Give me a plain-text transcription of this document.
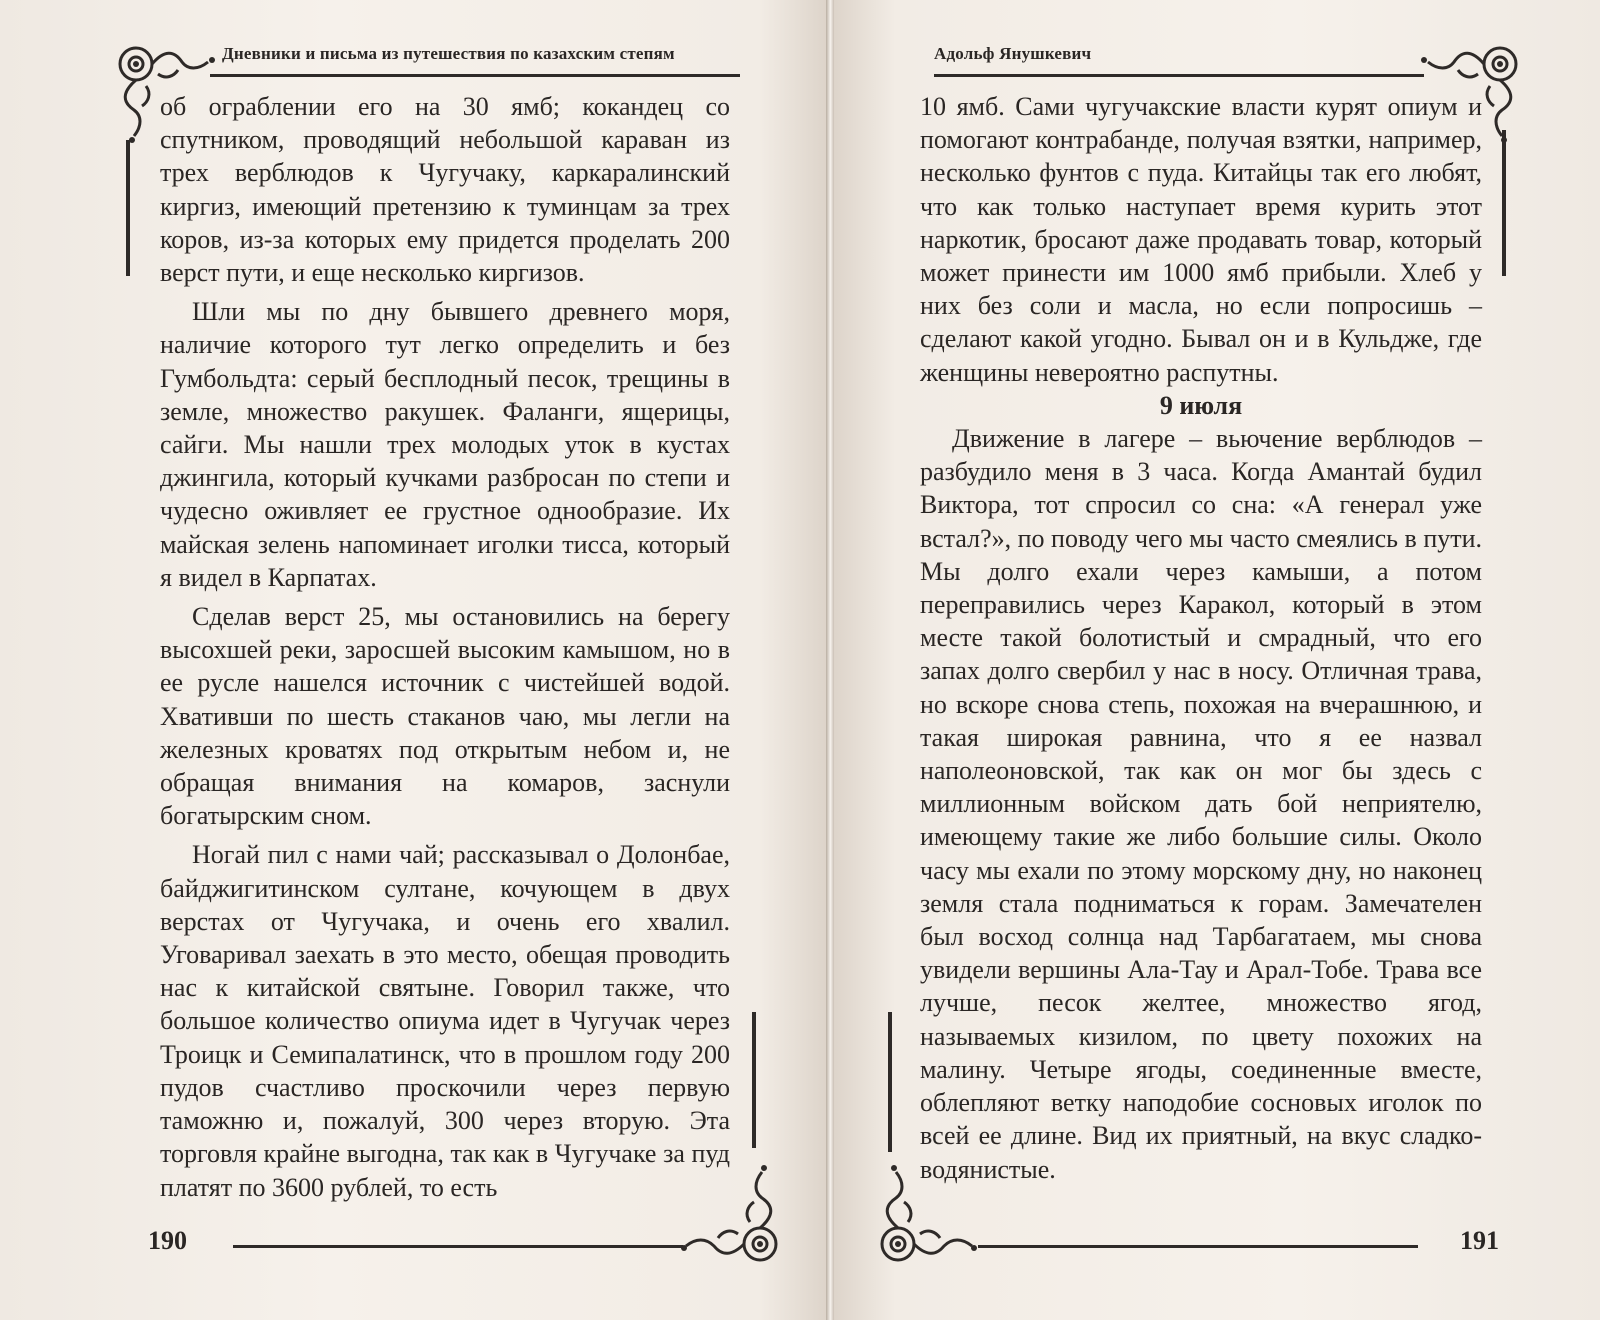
Дневники и письма из путешествия по казахским степям

об ограблении его на 30 ямб; кокандец со спутником, проводящий небольшой караван из трех верблюдов к Чугучаку, каркаралинский киргиз, имеющий претензию к туминцам за трех коров, из-за которых ему придется проделать 200 верст пути, и еще несколько киргизов.

Шли мы по дну бывшего древнего моря, наличие которого тут легко определить и без Гумбольдта: серый бесплодный песок, трещины в земле, множество ракушек. Фаланги, ящерицы, сайги. Мы нашли трех молодых уток в кустах джингила, который кучками разбросан по степи и чудесно оживляет ее грустное однообразие. Их майская зелень напоминает иголки тисса, который я видел в Карпатах.

Сделав верст 25, мы остановились на берегу высохшей реки, заросшей высоким камышом, но в ее русле нашелся источник с чистейшей водой. Хвативши по шесть стаканов чаю, мы легли на железных кроватях под открытым небом и, не обращая внимания на комаров, заснули богатырским сном.

Ногай пил с нами чай; рассказывал о Долонбае, байджигитинском султане, кочующем в двух верстах от Чугучака, и очень его хвалил. Уговаривал заехать в это место, обещая проводить нас к китайской святыне. Говорил также, что большое количество опиума идет в Чугучак через Троицк и Семипалатинск, что в прошлом году 200 пудов счастливо проскочили через первую таможню и, пожалуй, 300 через вторую. Эта торговля крайне выгодна, так как в Чугучаке за пуд платят по 3600 рублей, то есть

190
Адольф Янушкевич

10 ямб. Сами чугучакские власти курят опиум и помогают контрабанде, получая взятки, например, несколько фунтов с пуда. Китайцы так его любят, что как только наступает время курить этот наркотик, бросают даже продавать товар, который может принести им 1000 ямб прибыли. Хлеб у них без соли и масла, но если попросишь – сделают какой угодно. Бывал он и в Кульдже, где женщины невероятно распутны.

9 июля

Движение в лагере – вьючение верблюдов – разбудило меня в 3 часа. Когда Амантай будил Виктора, тот спросил со сна: «А генерал уже встал?», по поводу чего мы часто смеялись в пути. Мы долго ехали через камыши, а потом переправились через Каракол, который в этом месте такой болотистый и смрадный, что его запах долго свербил у нас в носу. Отличная трава, но вскоре снова степь, похожая на вчерашнюю, и такая широкая равнина, что я ее назвал наполеоновской, так как он мог бы здесь с миллионным войском дать бой неприятелю, имеющему такие же либо большие силы. Около часу мы ехали по этому морскому дну, но наконец земля стала подниматься к горам. Замечателен был восход солнца над Тарбагатаем, мы снова увидели вершины Ала-Тау и Арал-Тобе. Трава все лучше, песок желтее, множество ягод, называемых кизилом, по цвету похожих на малину. Четыре ягоды, соединенные вместе, облепляют ветку наподобие сосновых иголок по всей ее длине. Вид их приятный, на вкус сладко-водянистые.

191
